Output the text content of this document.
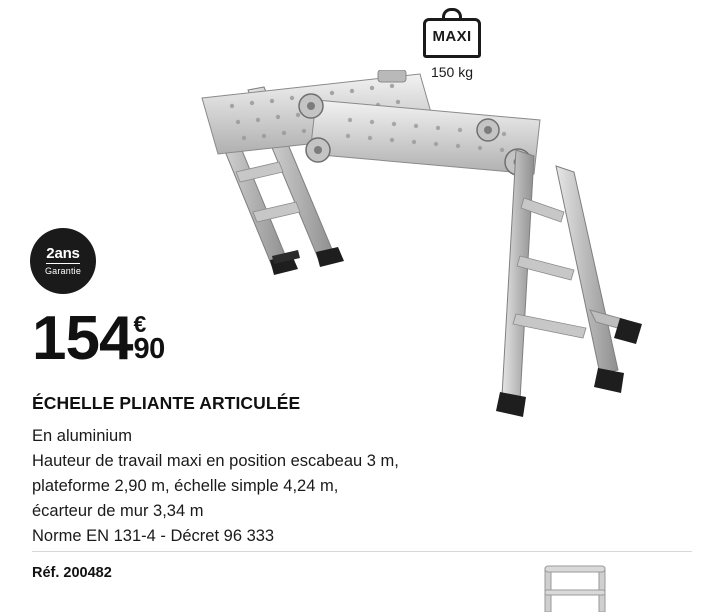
MAXI
150 kg
2ans
Garantie
154 €
90
ÉCHELLE PLIANTE ARTICULÉE
En aluminium
Hauteur de travail maxi en position escabeau 3 m,
plateforme 2,90 m, échelle simple 4,24 m,
écarteur de mur 3,34 m
Norme EN 131-4 - Décret 96 333
Réf. 200482
